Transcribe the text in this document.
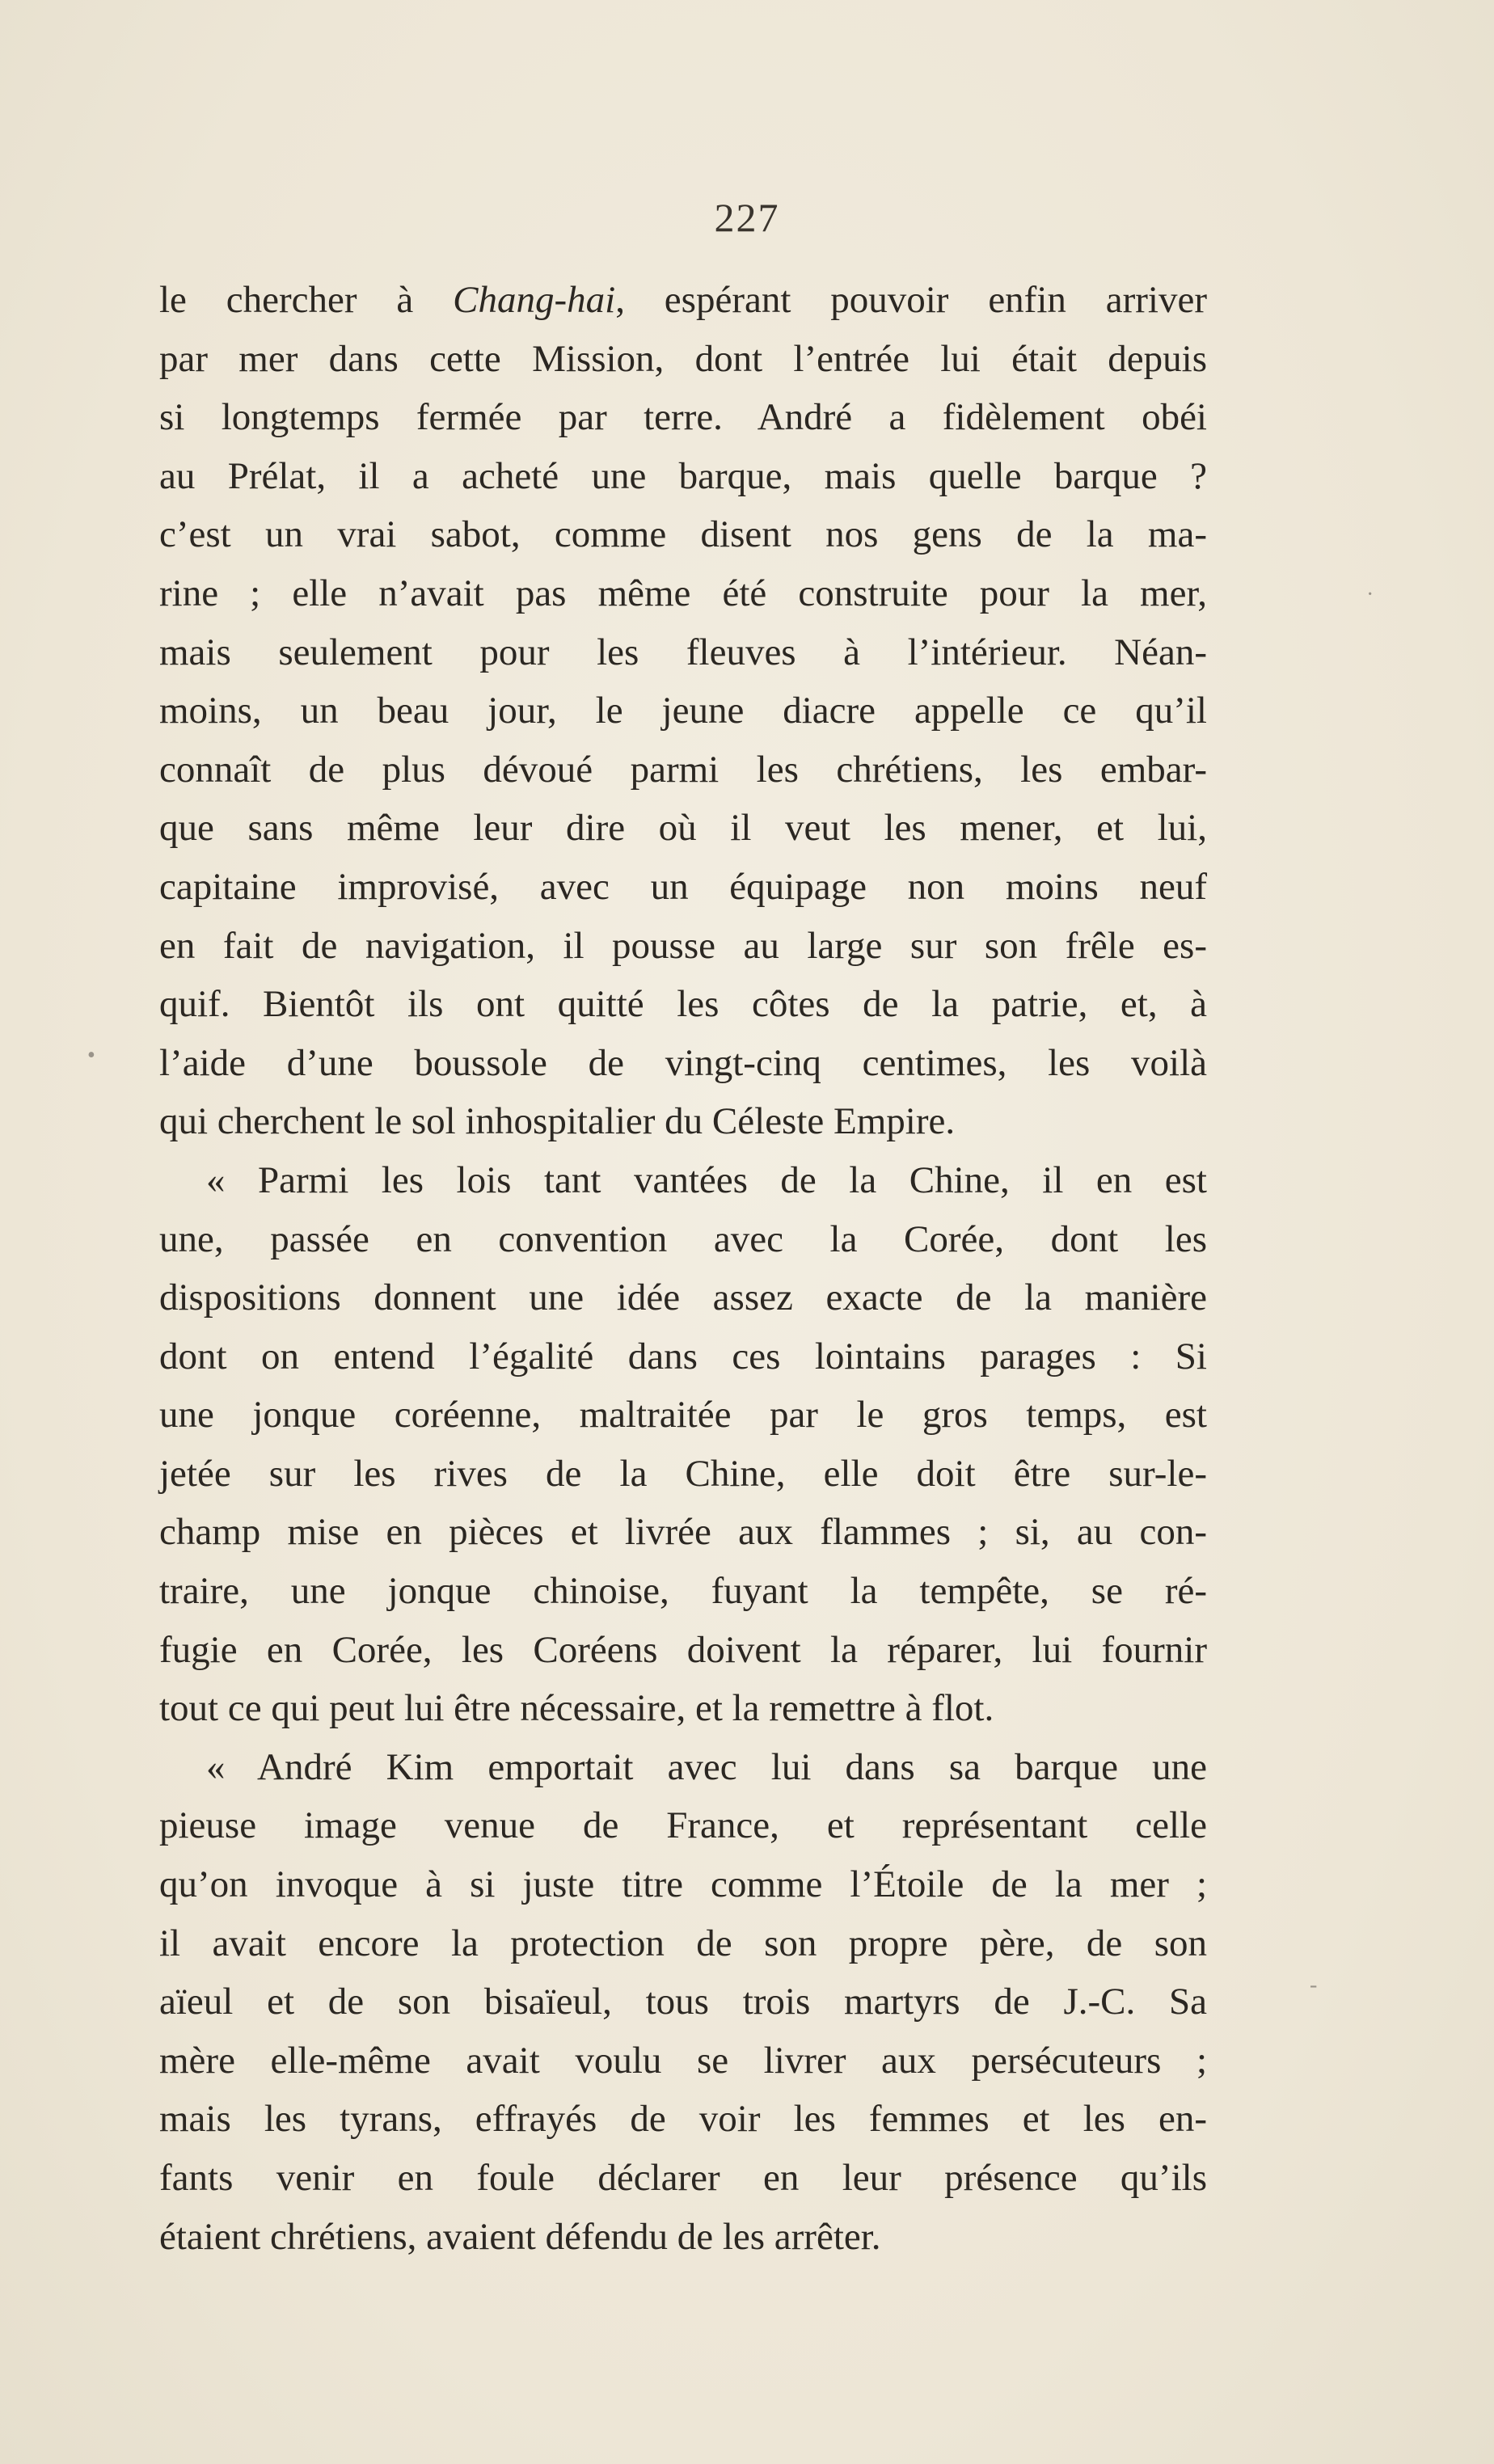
227
le chercher à Chang-hai, espérant pouvoir enfin arriver
par mer dans cette Mission, dont l’entrée lui était depuis
si longtemps fermée par terre. André a fidèlement obéi
au Prélat, il a acheté une barque, mais quelle barque ?
c’est un vrai sabot, comme disent nos gens de la ma-
rine ; elle n’avait pas même été construite pour la mer,
mais seulement pour les fleuves à l’intérieur. Néan-
moins, un beau jour, le jeune diacre appelle ce qu’il
connaît de plus dévoué parmi les chrétiens, les embar-
que sans même leur dire où il veut les mener, et lui,
capitaine improvisé, avec un équipage non moins neuf
en fait de navigation, il pousse au large sur son frêle es-
quif. Bientôt ils ont quitté les côtes de la patrie, et, à
l’aide d’une boussole de vingt-cinq centimes, les voilà
qui cherchent le sol inhospitalier du Céleste Empire.
« Parmi les lois tant vantées de la Chine, il en est
une, passée en convention avec la Corée, dont les
dispositions donnent une idée assez exacte de la manière
dont on entend l’égalité dans ces lointains parages : Si
une jonque coréenne, maltraitée par le gros temps, est
jetée sur les rives de la Chine, elle doit être sur-le-
champ mise en pièces et livrée aux flammes ; si, au con-
traire, une jonque chinoise, fuyant la tempête, se ré-
fugie en Corée, les Coréens doivent la réparer, lui fournir
tout ce qui peut lui être nécessaire, et la remettre à flot.
« André Kim emportait avec lui dans sa barque une
pieuse image venue de France, et représentant celle
qu’on invoque à si juste titre comme l’Étoile de la mer ;
il avait encore la protection de son propre père, de son
aïeul et de son bisaïeul, tous trois martyrs de J.-C. Sa
mère elle-même avait voulu se livrer aux persécuteurs ;
mais les tyrans, effrayés de voir les femmes et les en-
fants venir en foule déclarer en leur présence qu’ils
étaient chrétiens, avaient défendu de les arrêter.
•
·
-
